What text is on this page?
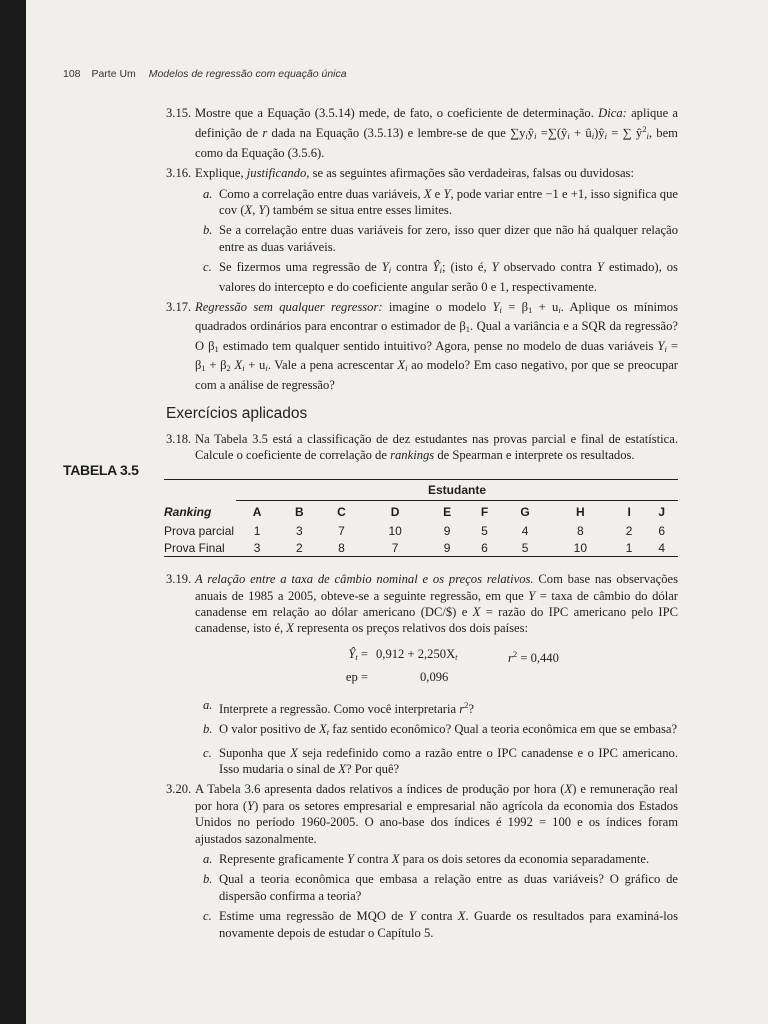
108 Parte Um Modelos de regressão com equação única
TABELA 3.5
3.15. Mostre que a Equação (3.5.14) mede, de fato, o coeficiente de determinação. Dica: aplique a definição de r dada na Equação (3.5.13) e lembre-se de que $\sum y_iŷ_i$ $=\sum(ŷ_i$ + $û_i)ŷ_i$ = ∑ $ŷ^2_i$, bem como da Equação (3.5.6).
3.16. Explique, justificando, se as seguintes afirmações são verdadeiras, falsas ou duvidosas:
a. Como a correlação entre duas variáveis, X e Y, pode variar entre −1 e +1, isso significa que cov (X, Y) também se situa entre esses limites.
b. Se a correlação entre duas variáveis for zero, isso quer dizer que não há qualquer relação entre as duas variáveis.
c. Se fizermos uma regressão de $Y_i$ contra $Ŷ_i$; (isto é, Y observado contra Y estimado), os valores do intercepto e do coeficiente angular serão 0 e 1, respectivamente.
3.17. Regressão sem qualquer regressor: imagine o modelo $Y_i = \beta_1 + u_i$. Aplique os mínimos quadrados ordinários para encontrar o estimador de $\beta_1$. Qual a variância e a SQR da regressão? O $\beta_1$ estimado tem qualquer sentido intuitivo? Agora, pense no modelo de duas variáveis $Y_i = \beta_1 + \beta_2$ $X_i + u_i$. Vale a pena acrescentar $X_i$ ao modelo? Em caso negativo, por que se preocupar com a análise de regressão?
Exercícios aplicados
3.18. Na Tabela 3.5 está a classificação de dez estudantes nas provas parcial e final de estatística. Calcule o coeficiente de correlação de rankings de Spearman e interprete os resultados.
	Estudante									
Ranking	A	B	C	D	E	F	G	H	I	J
Prova parcial	1	3	7	10	9	5	4	8	2	6
Prova Final	3	2	8	7	9	6	5	10	1	4
3.19. A relação entre a taxa de câmbio nominal e os preços relativos. Com base nas observações anuais de 1985 a 2005, obteve-se a seguinte regressão, em que Y = taxa de câmbio do dólar canadense em relação ao dólar americano (DC/$) e X = razão do IPC americano pelo IPC canadense, isto é, X representa os preços relativos dos dois países:
$Ŷ_t = 0,912 + 2,250X_t$	$r^2 = 0,440$
ep =	0,096
a. Interprete a regressão. Como você interpretaria $r^2$?
b. O valor positivo de $X_t$ faz sentido econômico? Qual a teoria econômica em que se embasa?
c. Suponha que X seja redefinido como a razão entre o IPC canadense e o IPC americano. Isso mudaria o sinal de X? Por quê?
3.20. A Tabela 3.6 apresenta dados relativos a índices de produção por hora (X) e remuneração real por hora (Y) para os setores empresarial e empresarial não agrícola da economia dos Estados Unidos no período 1960-2005. O ano-base dos índices é 1992 = 100 e os índices foram ajustados sazonalmente.
a. Represente graficamente Y contra X para os dois setores da economia separadamente.
b. Qual a teoria econômica que embasa a relação entre as duas variáveis? O gráfico de dispersão confirma a teoria?
c. Estime uma regressão de MQO de Y contra X. Guarde os resultados para examiná-los novamente depois de estudar o Capítulo 5.
